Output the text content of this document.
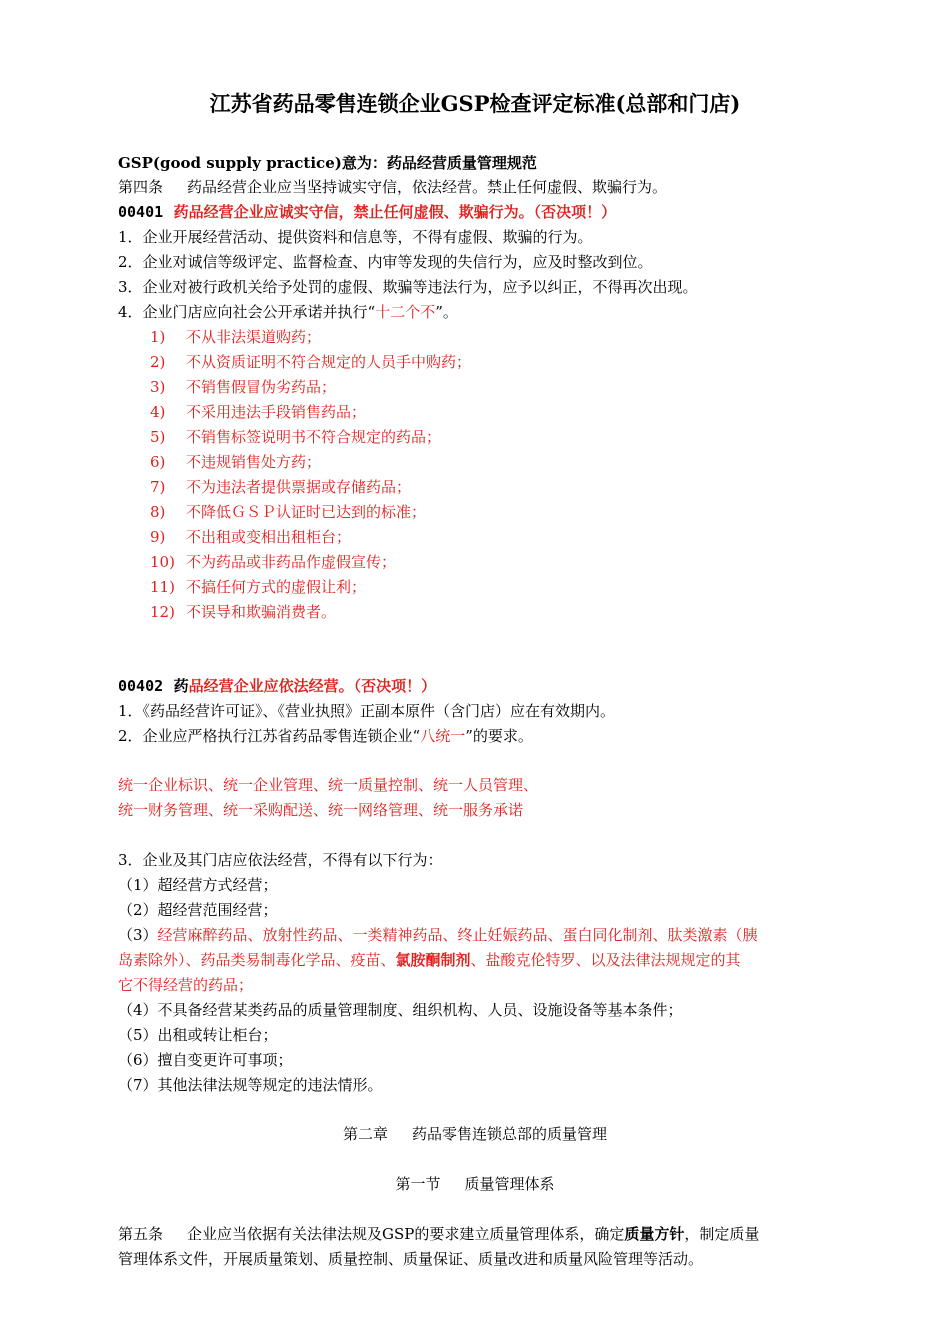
江苏省药品零售连锁企业GSP检查评定标准(总部和门店)
GSP(good supply practice)意为：药品经营质量管理规范
第四条 药品经营企业应当坚持诚实守信，依法经营。禁止任何虚假、欺骗行为。
00401 药品经营企业应诚实守信，禁止任何虚假、欺骗行为。（否决项！）
1．企业开展经营活动、提供资料和信息等，不得有虚假、欺骗的行为。
2．企业对诚信等级评定、监督检查、内审等发现的失信行为，应及时整改到位。
3．企业对被行政机关给予处罚的虚假、欺骗等违法行为，应予以纠正，不得再次出现。
4．企业门店应向社会公开承诺并执行“十二个不”。
1) 不从非法渠道购药；
2) 不从资质证明不符合规定的人员手中购药；
3) 不销售假冒伪劣药品；
4) 不采用违法手段销售药品；
5) 不销售标签说明书不符合规定的药品；
6) 不违规销售处方药；
7) 不为违法者提供票据或存储药品；
8) 不降低ＧＳＰ认证时已达到的标准；
9) 不出租或变相出租柜台；
10) 不为药品或非药品作虚假宣传；
11) 不搞任何方式的虚假让利；
12) 不误导和欺骗消费者。
00402 药品经营企业应依法经营。（否决项！）
1．《药品经营许可证》、《营业执照》正副本原件（含门店）应在有效期内。
2．企业应严格执行江苏省药品零售连锁企业“八统一”的要求。
统一企业标识、统一企业管理、统一质量控制、统一人员管理、
统一财务管理、统一采购配送、统一网络管理、统一服务承诺
3．企业及其门店应依法经营，不得有以下行为：
（1）超经营方式经营；
（2）超经营范围经营；
（3）经营麻醉药品、放射性药品、一类精神药品、终止妊娠药品、蛋白同化制剂、肽类激素（胰
岛素除外）、药品类易制毒化学品、疫苗、氯胺酮制剂、盐酸克伦特罗、以及法律法规规定的其
它不得经营的药品；
（4）不具备经营某类药品的质量管理制度、组织机构、人员、设施设备等基本条件；
（5）出租或转让柜台；
（6）擅自变更许可事项；
（7）其他法律法规等规定的违法情形。
第二章 药品零售连锁总部的质量管理
第一节 质量管理体系
第五条 企业应当依据有关法律法规及GSP的要求建立质量管理体系，确定质量方针，制定质量
管理体系文件，开展质量策划、质量控制、质量保证、质量改进和质量风险管理等活动。
